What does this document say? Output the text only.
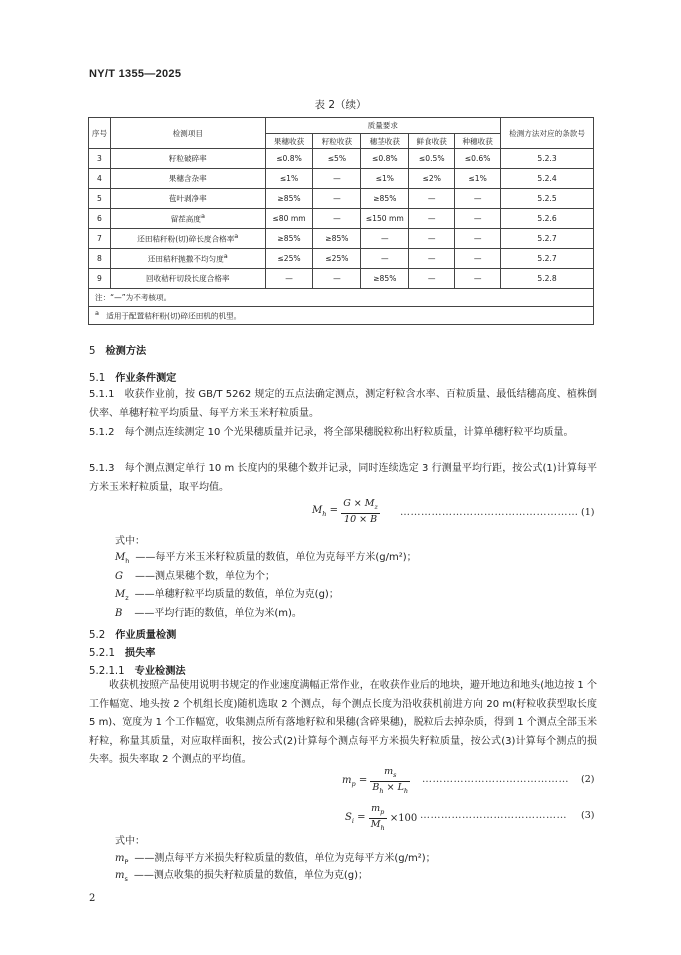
NY/T 1355—2025
表 2（续）
序号	检测项目	质量要求					检测方法对应的条款号
		果穗收获	籽粒收获	穗茎收获	鲜食收获	种穗收获	
3	籽粒破碎率	≤0.8%	≤5%	≤0.8%	≤0.5%	≤0.6%	5.2.3
4	果穗含杂率	≤1%	—	≤1%	≤2%	≤1%	5.2.4
5	苞叶剥净率	≥85%	—	≥85%	—	—	5.2.5
6	留茬高度$^a$	≤80 mm	—	≤150 mm	—	—	5.2.6
7	还田秸秆粉(切)碎长度合格率$^a$	≥85%	≥85%	—	—	—	5.2.7
8	还田秸秆抛撒不均匀度$^a$	≤25%	≤25%	—	—	—	5.2.7
9	回收秸秆切段长度合格率	—	—	≥85%	—	—	5.2.8
注：“—”为不考核项。							
$^a$ 适用于配置秸秆粉(切)碎还田机的机型。							
5 检测方法
5.1 作业条件测定
5.1.1　收获作业前，按 GB/T 5262 规定的五点法确定测点，测定籽粒含水率、百粒质量、最低结穗高度、植株倒伏率、单穗籽粒平均质量、每平方米玉米籽粒质量。
5.1.2　每个测点连续测定 10 个光果穗质量并记录，将全部果穗脱粒称出籽粒质量，计算单穗籽粒平均质量。
5.1.3　每个测点测定单行 10 m 长度内的果穗个数并记录，同时连续选定 3 行测量平均行距，按公式(1)计算每平方米玉米籽粒质量，取平均值。
$M_h = \frac{G \times M_z}{10 \times B}$ …………………………………………… (1)
式中：
$M_h$ ——每平方米玉米籽粒质量的数值，单位为克每平方米(g/m²)；
G ——测点果穗个数，单位为个；
$M_z$ ——单穗籽粒平均质量的数值，单位为克(g)；
B ——平均行距的数值，单位为米(m)。
5.2 作业质量检测
5.2.1 损失率
5.2.1.1 专业检测法
收获机按照产品使用说明书规定的作业速度满幅正常作业，在收获作业后的地块，避开地边和地头(地边按 1 个工作幅宽、地头按 2 个机组长度)随机选取 2 个测点，每个测点长度为沿收获机前进方向 20 m(籽粒收获型取长度 5 m)、宽度为 1 个工作幅宽，收集测点所有落地籽粒和果穗(含碎果穗)，脱粒后去掉杂质，得到 1 个测点全部玉米籽粒，称量其质量，对应取样面积，按公式(2)计算每个测点每平方米损失籽粒质量，按公式(3)计算每个测点的损失率。损失率取 2 个测点的平均值。
$m_p = \frac{m_s}{B_h \times L_h}$ …………………………………… (2)
$S_i = \frac{m_p}{M_h} \times 100$ …………………………………… (3)
式中：
$m_P$ ——测点每平方米损失籽粒质量的数值，单位为克每平方米(g/m²)；
$m_s$ ——测点收集的损失籽粒质量的数值，单位为克(g)；
2
